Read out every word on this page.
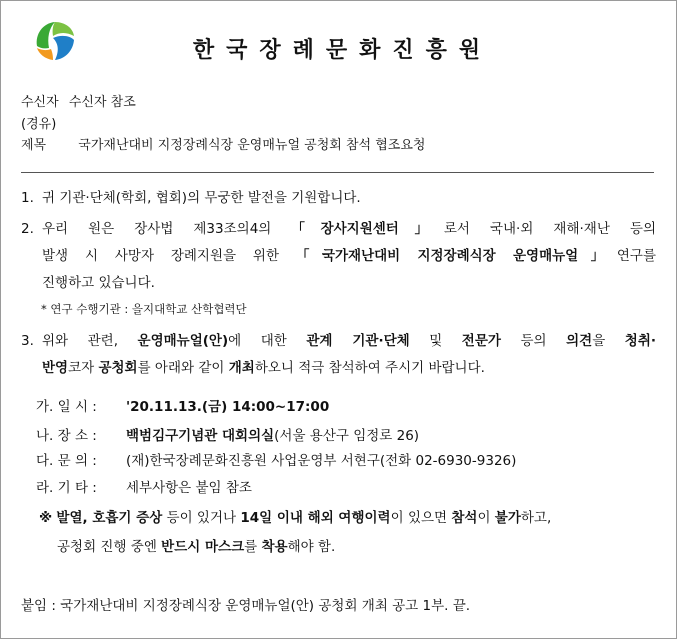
한국장례문화진흥원
수신자 수신자 참조
(경유)
제목 국가재난대비 지정장례식장 운영매뉴얼 공청회 참석 협조요청
1. 귀 기관·단체(학회, 협회)의 무궁한 발전을 기원합니다.
2. 우리 원은 장사법 제33조의4의 「장사지원센터」로서 국내·외 재해·재난 등의
발생 시 사망자 장례지원을 위한 「국가재난대비 지정장례식장 운영매뉴얼」연구를
진행하고 있습니다.
* 연구 수행기관 : 을지대학교 산학협력단
3. 위와 관련, 운영매뉴얼(안)에 대한 관계 기관·단체 및 전문가 등의 의견을 청취·
반영코자 공청회를 아래와 같이 개최하오니 적극 참석하여 주시기 바랍니다.
가. 일 시 : '20.11.13.(금) 14:00~17:00
나. 장 소 : 백범김구기념관 대회의실(서울 용산구 임정로 26)
다. 문 의 : (재)한국장례문화진흥원 사업운영부 서현구(전화 02-6930-9326)
라. 기 타 : 세부사항은 붙임 참조
※ 발열, 호흡기 증상 등이 있거나 14일 이내 해외 여행이력이 있으면 참석이 불가하고,
공청회 진행 중엔 반드시 마스크를 착용해야 함.
붙임 : 국가재난대비 지정장례식장 운영매뉴얼(안) 공청회 개최 공고 1부. 끝.
